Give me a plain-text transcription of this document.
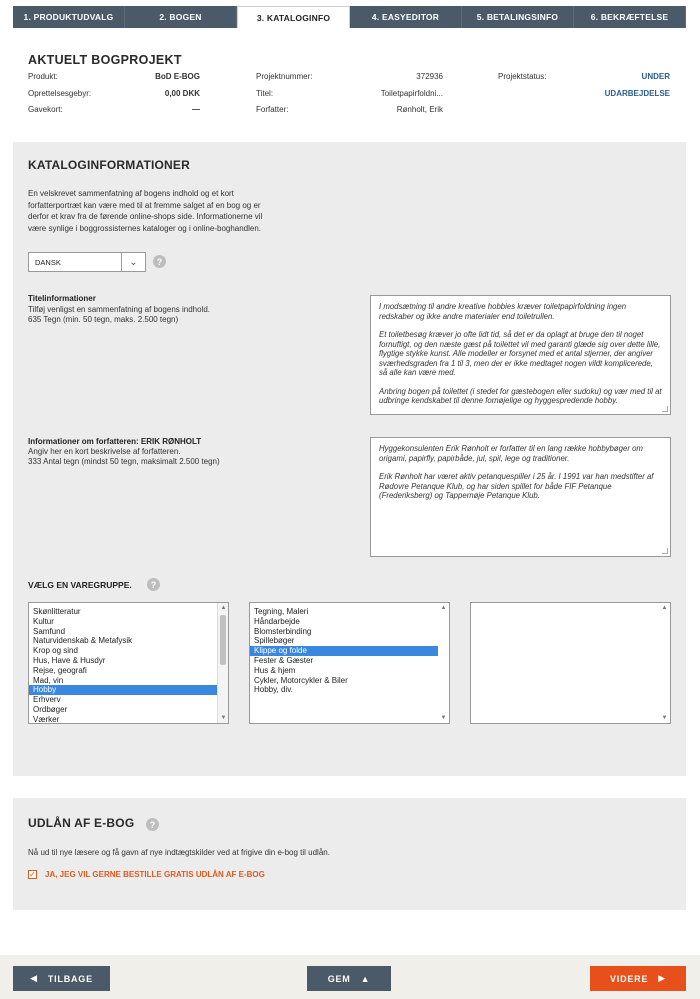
1. PRODUKTUDVALG	2. BOGEN	3. KATALOGINFO	4. EASYEDITOR	5. BETALINGSINFO	6. BEKRÆFTELSE
AKTUELT BOGPROJEKT
Produkt:	BoD E-BOG
Oprettelsesgebyr:	0,00 DKK
Gavekort:	—
Projektnummer:	372936
Titel:	Toiletpapirfoldni...
Forfatter:	Rønholt, Erik
Projektstatus:	UNDER
UDARBEJDELSE
KATALOGINFORMATIONER
En velskrevet sammenfatning af bogens indhold og et kort
forfatterportræt kan være med til at fremme salget af en bog og er
derfor et krav fra de førende online-shops side. Informationerne vil
være synlige i boggrossisternes kataloger og i online-boghandlen.
DANSK	⌄	?
Titelinformationer
Tilføj venligst en sammenfatning af bogens indhold.
635 Tegn (min. 50 tegn, maks. 2.500 tegn)

I modsætning til andre kreative hobbies kræver toiletpapirfoldning ingen redskaber og ikke andre materialer end toiletrullen.

Et toiletbesøg kræver jo ofte lidt tid, så det er da oplagt at bruge den til noget fornuftigt, og den næste gæst på toilettet vil med garanti glæde sig over dette lille, flygtige stykke kunst. Alle modeller er forsynet med et antal stjerner, der angiver sværhedsgraden fra 1 til 3, men der er ikke medtaget nogen vildt komplicerede, så alle kan være med.

Anbring bogen på toilettet (i stedet for gæstebogen eller sudoku) og vær med til at udbringe kendskabet til denne fornøjelige og hyggespredende hobby.

Informationer om forfatteren: ERIK RØNHOLT
Angiv her en kort beskrivelse af forfatteren.
333 Antal tegn (mindst 50 tegn, maksimalt 2.500 tegn)

Hyggekonsulenten Erik Rønholt er forfatter til en lang række hobbybøger om origami, papirfly, papirbåde, jul, spil, lege og traditioner.

Erik Rønholt har været aktiv petanquespiller i 25 år. I 1991 var han medstifter af Rødovre Petanque Klub, og har siden spillet for både FIF Petanque (Frederiksberg) og Tappernøje Petanque Klub.

VÆLG EN VAREGRUPPE.	?
Skønlitteratur
Kultur
Samfund
Naturvidenskab & Metafysik
Krop og sind
Hus, Have & Husdyr
Rejse, geografi
Mad, vin
Hobby
Erhverv
Ordbøger
Værker
▲
▼
Tegning, Maleri
Håndarbejde
Blomsterbinding
Spillebøger
Klippe og folde
Fester & Gæster
Hus & hjem
Cykler, Motorcykler & Biler
Hobby, div.
▲
▼
▲
▼
UDLÅN AF E-BOG	?
Nå ud til nye læsere og få gavn af nye indtægtskilder ved at frigive din e-bog til udlån.
✓ JA, JEG VIL GERNE BESTILLE GRATIS UDLÅN AF E-BOG
◀ TILBAGE	GEM ▲	VIDERE ▶
